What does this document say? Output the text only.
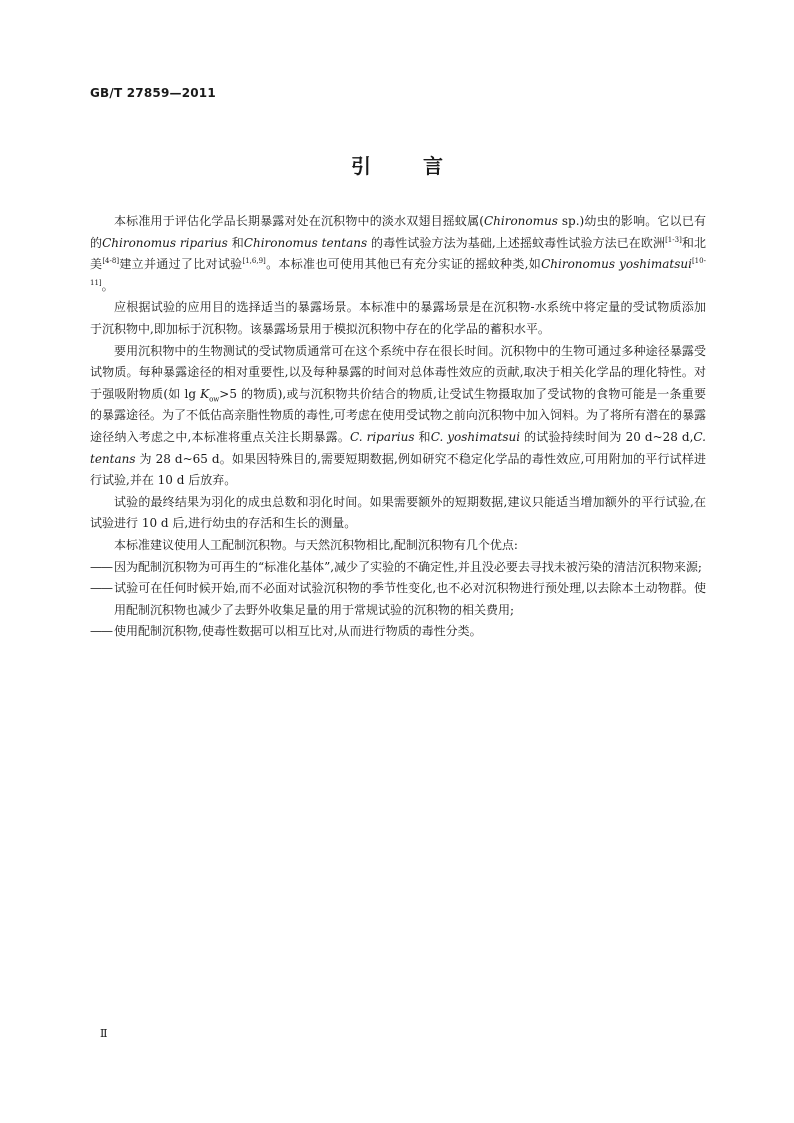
GB/T 27859—2011
引	言

本标准用于评估化学品长期暴露对处在沉积物中的淡水双翅目摇蚊属(Chironomus sp.)幼虫的影响。它以已有的Chironomus riparius 和Chironomus tentans 的毒性试验方法为基础,上述摇蚊毒性试验方法已在欧洲[1-3]和北美[4-8]建立并通过了比对试验[1,6,9]。本标准也可使用其他已有充分实证的摇蚊种类,如Chironomus yoshimatsui[10-11]。

应根据试验的应用目的选择适当的暴露场景。本标准中的暴露场景是在沉积物-水系统中将定量的受试物质添加于沉积物中,即加标于沉积物。该暴露场景用于模拟沉积物中存在的化学品的蓄积水平。

要用沉积物中的生物测试的受试物质通常可在这个系统中存在很长时间。沉积物中的生物可通过多种途径暴露受试物质。每种暴露途径的相对重要性,以及每种暴露的时间对总体毒性效应的贡献,取决于相关化学品的理化特性。对于强吸附物质(如 $\lg K_{ow}>5$ 的物质),或与沉积物共价结合的物质,让受试生物摄取加了受试物的食物可能是一条重要的暴露途径。为了不低估高亲脂性物质的毒性,可考虑在使用受试物之前向沉积物中加入饲料。为了将所有潜在的暴露途径纳入考虑之中,本标准将重点关注长期暴露。C. riparius 和C. yoshimatsui 的试验持续时间为 20 d~28 d,C. tentans 为 28 d~65 d。如果因特殊目的,需要短期数据,例如研究不稳定化学品的毒性效应,可用附加的平行试样进行试验,并在 10 d 后放弃。

试验的最终结果为羽化的成虫总数和羽化时间。如果需要额外的短期数据,建议只能适当增加额外的平行试验,在试验进行 10 d 后,进行幼虫的存活和生长的测量。

本标准建议使用人工配制沉积物。与天然沉积物相比,配制沉积物有几个优点:

—— 因为配制沉积物为可再生的“标准化基体”,减少了实验的不确定性,并且没必要去寻找未被污染的清洁沉积物来源;

—— 试验可在任何时候开始,而不必面对试验沉积物的季节性变化,也不必对沉积物进行预处理,以去除本土动物群。使用配制沉积物也减少了去野外收集足量的用于常规试验的沉积物的相关费用;

—— 使用配制沉积物,使毒性数据可以相互比对,从而进行物质的毒性分类。

Ⅱ
